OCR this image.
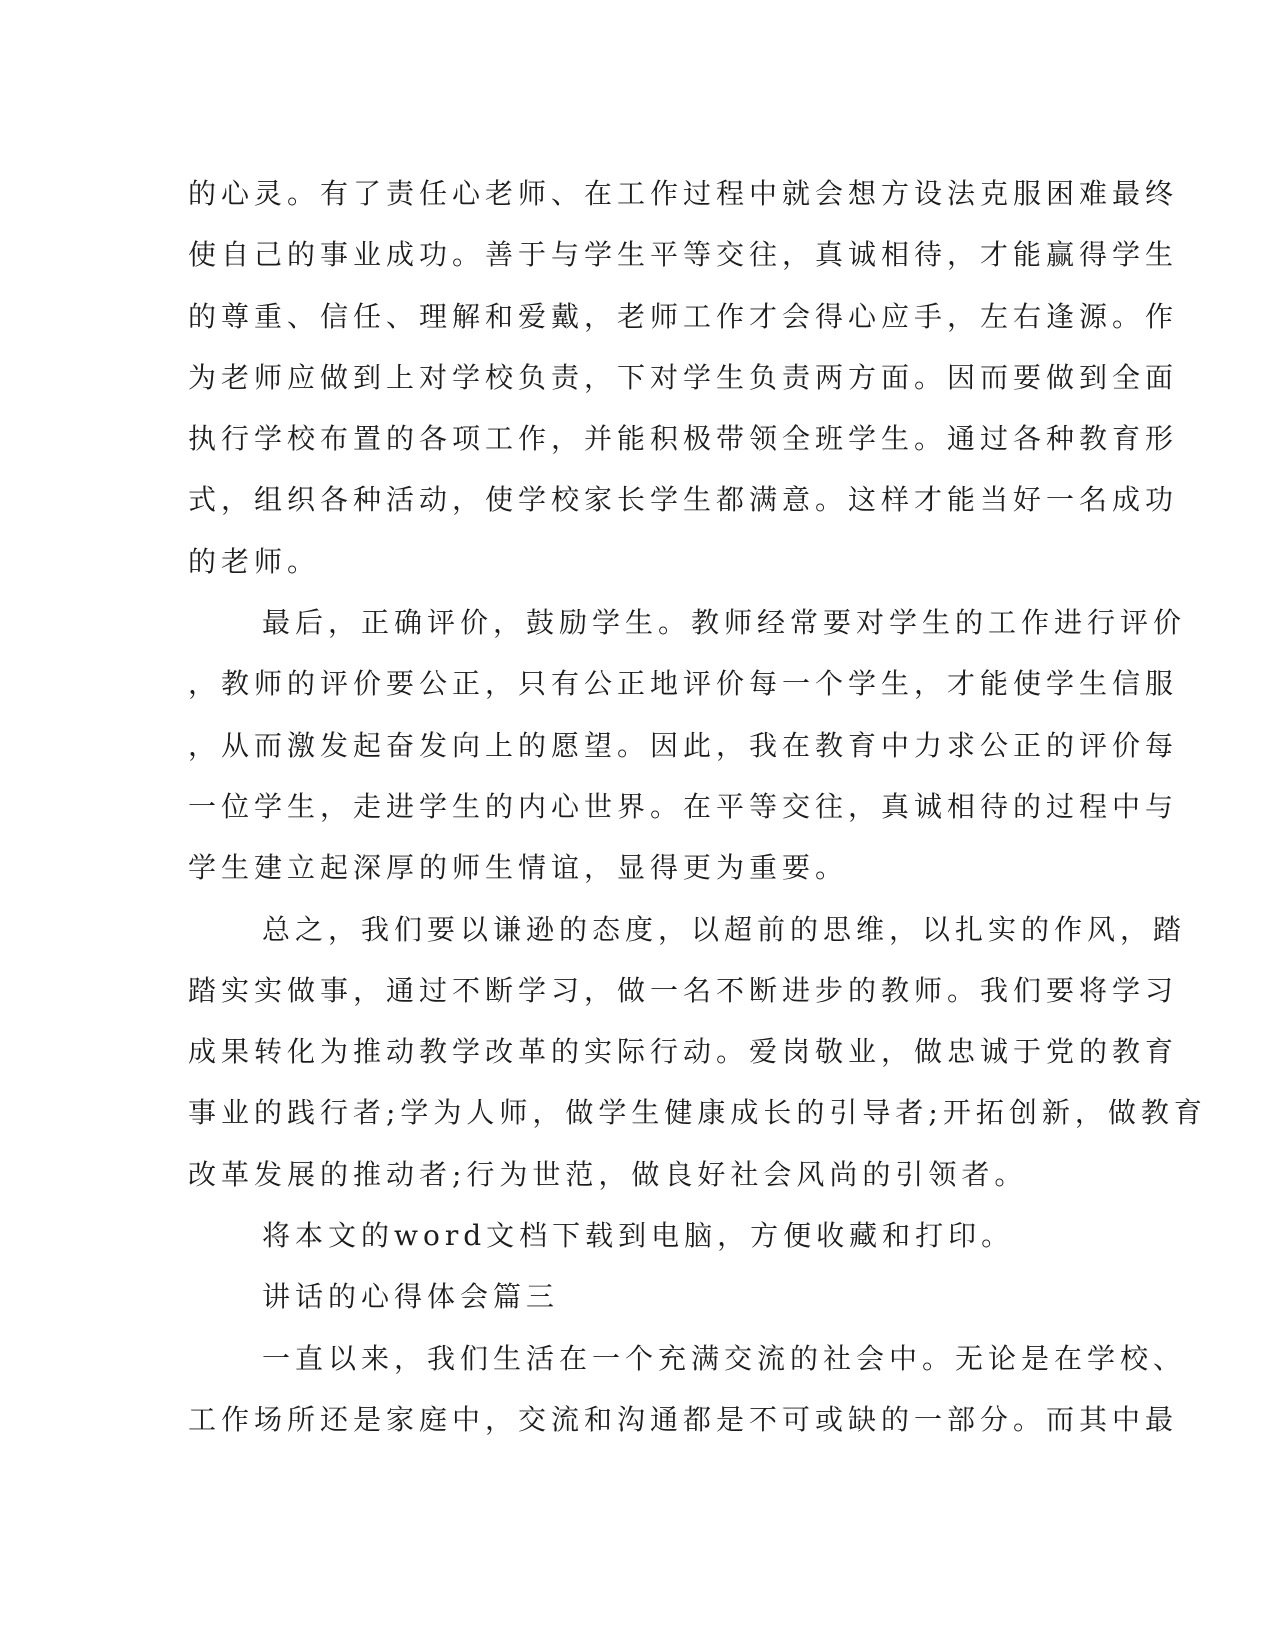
的心灵。有了责任心老师、在工作过程中就会想方设法克服困难最终
使自己的事业成功。善于与学生平等交往，真诚相待，才能赢得学生
的尊重、信任、理解和爱戴，老师工作才会得心应手，左右逢源。作
为老师应做到上对学校负责，下对学生负责两方面。因而要做到全面
执行学校布置的各项工作，并能积极带领全班学生。通过各种教育形
式，组织各种活动，使学校家长学生都满意。这样才能当好一名成功
的老师。
最后，正确评价，鼓励学生。教师经常要对学生的工作进行评价
，教师的评价要公正，只有公正地评价每一个学生，才能使学生信服
，从而激发起奋发向上的愿望。因此，我在教育中力求公正的评价每
一位学生，走进学生的内心世界。在平等交往，真诚相待的过程中与
学生建立起深厚的师生情谊，显得更为重要。
总之，我们要以谦逊的态度，以超前的思维，以扎实的作风，踏
踏实实做事，通过不断学习，做一名不断进步的教师。我们要将学习
成果转化为推动教学改革的实际行动。爱岗敬业，做忠诚于党的教育
事业的践行者;学为人师，做学生健康成长的引导者;开拓创新，做教育
改革发展的推动者;行为世范，做良好社会风尚的引领者。
将本文的word文档下载到电脑，方便收藏和打印。
讲话的心得体会篇三
一直以来，我们生活在一个充满交流的社会中。无论是在学校、
工作场所还是家庭中，交流和沟通都是不可或缺的一部分。而其中最
